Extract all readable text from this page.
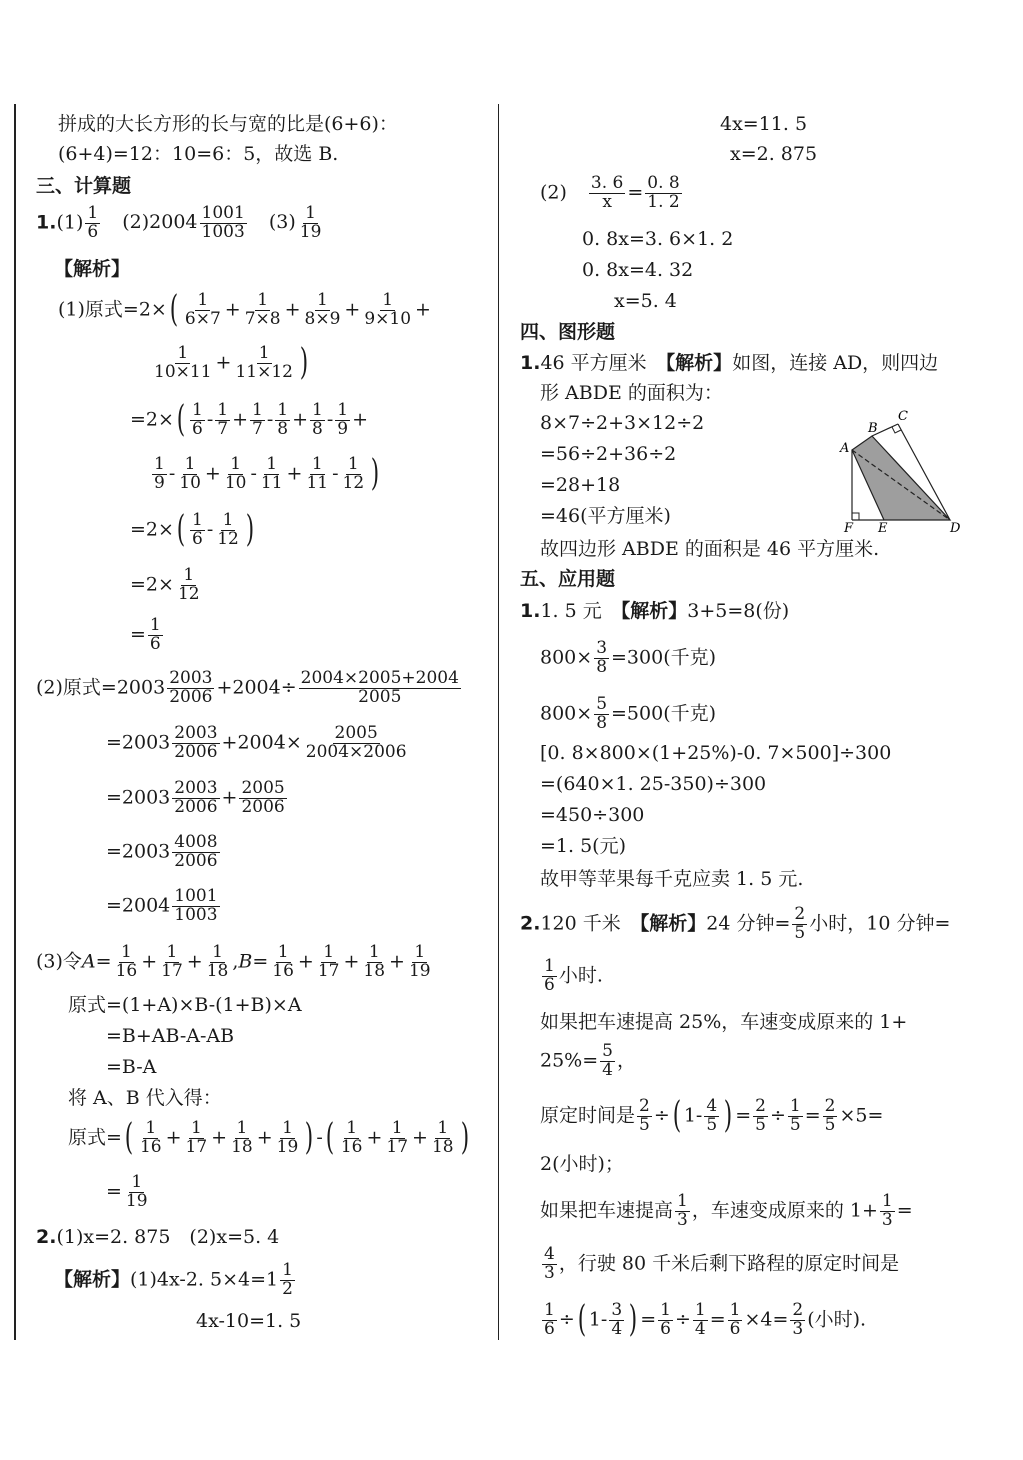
拼成的大长方形的长与宽的比是(6+6)：
(6+4)=12：10=6：5，故选 B.
三、计算题
$1.(1) \frac{1}{6} (2)2004 \frac{1001}{1003} (3) \frac{1}{19}$
【解析】
(1)原式$=2\times( \frac{1}{6\times 7} + \frac{1}{7\times 8} + \frac{1}{8\times 9} + \frac{1}{9\times 10}$ +
$\frac{1}{10\times 11} + \frac{1}{11\times 12}$ )
$=2\times( \frac{1}{6} - \frac{1}{7} + \frac{1}{7} - \frac{1}{8} + \frac{1}{8} - \frac{1}{9}$ +
$\frac{1}{9} - \frac{1}{10} + \frac{1}{10} - \frac{1}{11} + \frac{1}{11} - \frac{1}{12}$ )
$=2\times( \frac{1}{6} - \frac{1}{12}$ )
$=2\times \frac{1}{12}$
= $\frac{1}{6}$
(2)原式$=2003 \frac{2003}{2006} +2004\div \frac{2004\times 2005+2004}{2005}$
$=2003 \frac{2003}{2006} +2004\times \frac{2005}{2004\times 2006}$
$=2003 \frac{2003}{2006} + \frac{2005}{2006}$
$=2003 \frac{4008}{2006}$
$=2004 \frac{1001}{1003}$
(3)令$A= \frac{1}{16} + \frac{1}{17} + \frac{1}{18} ,B= \frac{1}{16} + \frac{1}{17} + \frac{1}{18} + \frac{1}{19}$
原式=(1+A)×B-(1+B)×A
=B+AB-A-AB
=B-A
将 A、B 代入得：
原式=( $\frac{1}{16} + \frac{1}{17} + \frac{1}{18} + \frac{1}{19}$ ) -( $\frac{1}{16} + \frac{1}{17} + \frac{1}{18}$ )
= $\frac{1}{19}$
2.(1)x=2. 875　(2)x=5. 4
【解析】(1)4x-2. $5\times 4=1 \frac{1}{2}$
4x-10=1. 5
4x=11. 5
x=2. 875
$(2) \frac{3. 6}{x} = \frac{0. 8}{1. 2}$
0. 8x=3. 6×1. 2
0. 8x=4. 32
x=5. 4
四、图形题
1.46 平方厘米　【解析】如图，连接 AD，则四边
形 ABDE 的面积为：
8×7÷2+3×12÷2
=56÷2+36÷2
=28+18
=46(平方厘米)
故四边形 ABDE 的面积是 46 平方厘米.
A
B
C
D
E
F
五、应用题
1.1. 5 元　【解析】3+5=8(份)
$800\times \frac{3}{8} =300$(千克)
$800\times \frac{5}{8} =500$(千克)
[0. 8×800×(1+25%)-0. 7×500]÷300
=(640×1. 25-350)÷300
=450÷300
=1. 5(元)
故甲等苹果每千克应卖 1. 5 元.
2.120 千米　【解析】24 分钟= $\frac{2}{5}$ 小时，10 分钟=
$\frac{1}{6}$ 小时.
如果把车速提高 25%，车速变成原来的 1+
$25\%= \frac{5}{4}$ ，
原定时间是 $\frac{2}{5}$ ÷( $1- \frac{4}{5}$ ) = $\frac{2}{5} \div \frac{1}{5} = \frac{2}{5} \times 5=$
2(小时)；
如果把车速提高 $\frac{1}{3}$ ，车速变成原来的 $1+ \frac{1}{3}$ =
$\frac{4}{3}$ ，行驶 80 千米后剩下路程的原定时间是
$\frac{1}{6}$ ÷( $1- \frac{3}{4}$ ) = $\frac{1}{6} \div \frac{1}{4} = \frac{1}{6} \times 4= \frac{2}{3}$ (小时).
